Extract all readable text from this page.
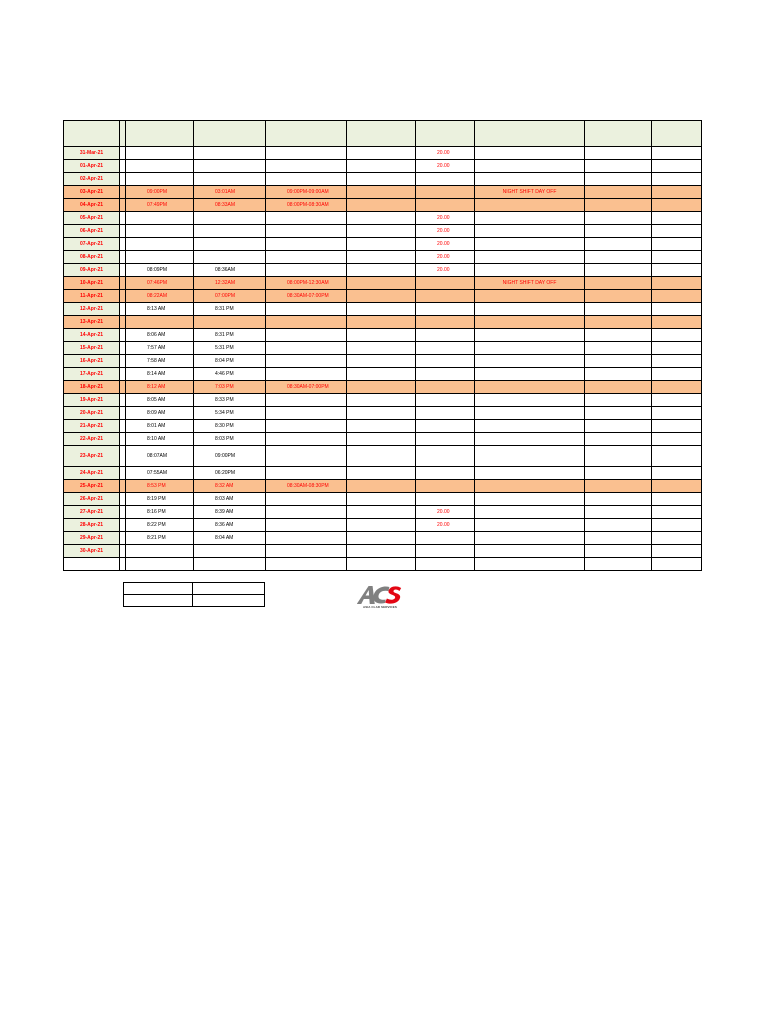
31-Mar-21						20.00			
01-Apr-21						20.00			
02-Apr-21									
03-Apr-21		09:00PM	03:01AM	09:00PM-09:00AM			NIGHT SHIFT DAY OFF		
04-Apr-21		07:49PM	08:33AM	08:00PM-08:30AM					
05-Apr-21						20.00			
06-Apr-21						20.00			
07-Apr-21						20.00			
08-Apr-21						20.00			
09-Apr-21		08:09PM	08:36AM			20.00			
10-Apr-21		07:46PM	12:32AM	08:00PM-12:30AM			NIGHT SHIFT DAY OFF		
11-Apr-21		08:22AM	07:00PM	08:30AM-07:00PM					
12-Apr-21		8:13 AM	8:31 PM						
13-Apr-21									
14-Apr-21		8:06 AM	8:31 PM						
15-Apr-21		7:57 AM	5:31 PM						
16-Apr-21		7:58 AM	8:04 PM						
17-Apr-21		8:14 AM	4:46 PM						
18-Apr-21		8:12 AM	7:03 PM	08:30AM-07:00PM					
19-Apr-21		8:05 AM	8:33 PM						
20-Apr-21		8:09 AM	5:34 PM						
21-Apr-21		8:01 AM	8:30 PM						
22-Apr-21		8:10 AM	8:03 PM						
23-Apr-21		08:07AM	09:00PM						
24-Apr-21		07:55AM	06:20PM						
25-Apr-21		8:53 PM	8:32 AM	08:30AM-08:30PM					
26-Apr-21		8:19 PM	8:03 AM						
27-Apr-21		8:16 PM	8:39 AM			20.00			
28-Apr-21		8:22 PM	8:36 AM			20.00			
29-Apr-21		8:21 PM	8:04 AM						
30-Apr-21									

ASIA CLAD SERVICES
